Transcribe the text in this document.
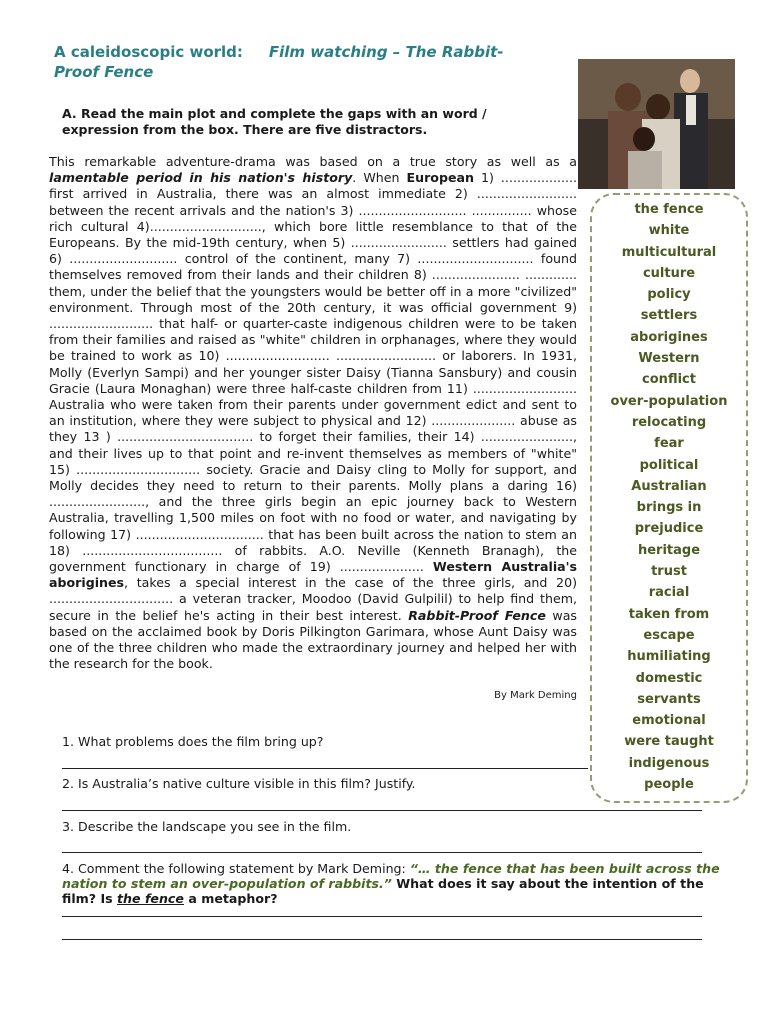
A caleidoscopic world: Film watching – The Rabbit-
Proof Fence
A. Read the main plot and complete the gaps with an word / expression from the box. There are five distractors.

This remarkable adventure-drama was based on a true story as well as a lamentable period in his nation's history. When European 1) ................... first arrived in Australia, there was an almost immediate 2) ......................... between the recent arrivals and the nation's 3) ........................... ............... whose rich cultural 4)............................, which bore little resemblance to that of the Europeans. By the mid-19th century, when 5) ........................ settlers had gained 6) ........................... control of the continent, many 7) ............................. found themselves removed from their lands and their children 8) ...................... ............. them, under the belief that the youngsters would be better off in a more "civilized" environment. Through most of the 20th century, it was official government 9) .......................... that half- or quarter-caste indigenous children were to be taken from their families and raised as "white" children in orphanages, where they would be trained to work as 10) .......................... ......................... or laborers. In 1931, Molly (Everlyn Sampi) and her younger sister Daisy (Tianna Sansbury) and cousin Gracie (Laura Monaghan) were three half-caste children from 11) .......................... Australia who were taken from their parents under government edict and sent to an institution, where they were subject to physical and 12) ..................... abuse as they 13 ) .................................. to forget their families, their 14) ......................., and their lives up to that point and re-invent themselves as members of "white" 15) ............................... society. Gracie and Daisy cling to Molly for support, and Molly decides they need to return to their parents. Molly plans a daring 16) ........................, and the three girls begin an epic journey back to Western Australia, travelling 1,500 miles on foot with no food or water, and navigating by following 17) ................................ that has been built across the nation to stem an 18) ................................... of rabbits. A.O. Neville (Kenneth Branagh), the government functionary in charge of 19) ..................... Western Australia's aborigines, takes a special interest in the case of the three girls, and 20) ............................... a veteran tracker, Moodoo (David Gulpilil) to help find them, secure in the belief he's acting in their best interest. Rabbit-Proof Fence was based on the acclaimed book by Doris Pilkington Garimara, whose Aunt Daisy was one of the three children who made the extraordinary journey and helped her with the research for the book.

By Mark Deming
the fence
white
multicultural
culture
policy
settlers
aborigines
Western
conflict
over-population
relocating
fear
political
Australian
brings in
prejudice
heritage
trust
racial
taken from
escape
humiliating
domestic
servants
emotional
were taught
indigenous
people
1. What problems does the film bring up?
2. Is Australia’s native culture visible in this film? Justify.
3. Describe the landscape you see in the film.
4. Comment the following statement by Mark Deming: “… the fence that has been built across the nation to stem an over-population of rabbits.” What does it say about the intention of the film? Is the fence a metaphor?
